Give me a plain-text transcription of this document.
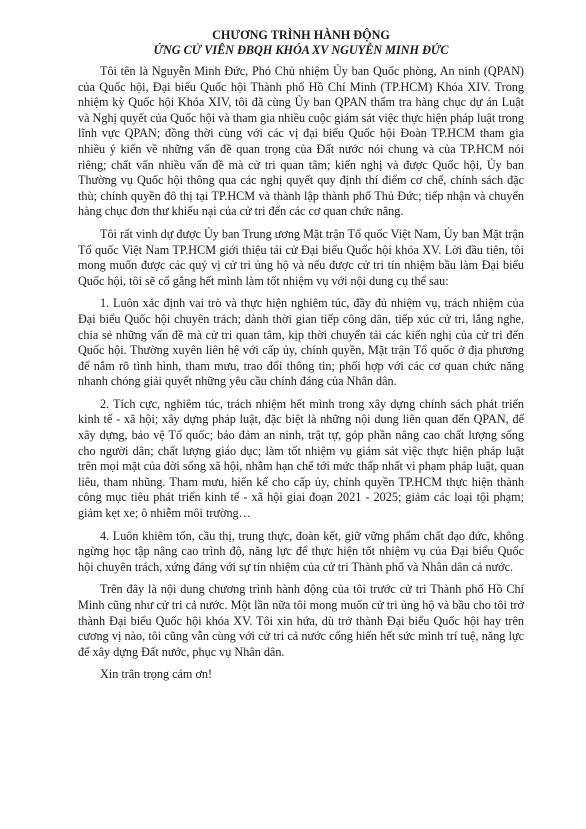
CHƯƠNG TRÌNH HÀNH ĐỘNG

ỨNG CỬ VIÊN ĐBQH KHÓA XV NGUYỄN MINH ĐỨC

Tôi tên là Nguyễn Minh Đức, Phó Chủ nhiệm Ủy ban Quốc phòng, An ninh (QPAN) của Quốc hội, Đại biểu Quốc hội Thành phố Hồ Chí Minh (TP.HCM) Khóa XIV. Trong nhiệm kỳ Quốc hội Khóa XIV, tôi đã cùng Ủy ban QPAN thẩm tra hàng chục dự án Luật và Nghị quyết của Quốc hội và tham gia nhiều cuộc giám sát việc thực hiện pháp luật trong lĩnh vực QPAN; đồng thời cùng với các vị đại biểu Quốc hội Đoàn TP.HCM tham gia nhiều ý kiến về những vấn đề quan trọng của Đất nước nói chung và của TP.HCM nói riêng; chất vấn nhiều vấn đề mà cử tri quan tâm; kiến nghị và được Quốc hội, Ủy ban Thường vụ Quốc hội thông qua các nghị quyết quy định thí điểm cơ chế, chính sách đặc thù; chính quyền đô thị tại TP.HCM và thành lập thành phố Thủ Đức; tiếp nhận và chuyển hàng chục đơn thư khiếu nại của cử tri đến các cơ quan chức năng.

Tôi rất vinh dự được Ủy ban Trung ương Mặt trận Tổ quốc Việt Nam, Ủy ban Mặt trận Tổ quốc Việt Nam TP.HCM giới thiệu tái cử Đại biểu Quốc hội khóa XV. Lời đầu tiên, tôi mong muốn được các quý vị cử tri ủng hộ và nếu được cử tri tín nhiệm bầu làm Đại biểu Quốc hội, tôi sẽ cố gắng hết mình làm tốt nhiệm vụ với nội dung cụ thể sau:

1. Luôn xác định vai trò và thực hiện nghiêm túc, đầy đủ nhiệm vụ, trách nhiệm của Đại biểu Quốc hội chuyên trách; dành thời gian tiếp công dân, tiếp xúc cử tri, lắng nghe, chia sẻ những vấn đề mà cử tri quan tâm, kịp thời chuyển tải các kiến nghị của cử tri đến Quốc hội. Thường xuyên liên hệ với cấp ủy, chính quyền, Mặt trận Tổ quốc ở địa phương để nắm rõ tình hình, tham mưu, trao đổi thông tin; phối hợp với các cơ quan chức năng nhanh chóng giải quyết những yêu cầu chính đáng của Nhân dân.

2. Tích cực, nghiêm túc, trách nhiệm hết mình trong xây dựng chính sách phát triển kinh tế - xã hội; xây dựng pháp luật, đặc biệt là những nội dung liên quan đến QPAN, để xây dựng, bảo vệ Tổ quốc; bảo đảm an ninh, trật tự, góp phần nâng cao chất lượng sống cho người dân; chất lượng giáo dục; làm tốt nhiệm vụ giám sát việc thực hiện pháp luật trên mọi mặt của đời sống xã hội, nhằm hạn chế tới mức thấp nhất vi phạm pháp luật, quan liêu, tham nhũng. Tham mưu, hiến kế cho cấp ủy, chính quyền TP.HCM thực hiện thành công mục tiêu phát triển kinh tế - xã hội giai đoạn 2021 - 2025; giảm các loại tội phạm; giảm kẹt xe; ô nhiễm môi trường…

4. Luôn khiêm tốn, cầu thị, trung thực, đoàn kết, giữ vững phẩm chất đạo đức, không ngừng học tập nâng cao trình độ, năng lực để thực hiện tốt nhiệm vụ của Đại biểu Quốc hội chuyên trách, xứng đáng với sự tín nhiệm của cử tri Thành phố và Nhân dân cả nước.

Trên đây là nội dung chương trình hành động của tôi trước cử tri Thành phố Hồ Chí Minh cũng như cử tri cả nước. Một lần nữa tôi mong muốn cử tri ủng hộ và bầu cho tôi trở thành Đại biểu Quốc hội khóa XV. Tôi xin hứa, dù trở thành Đại biểu Quốc hội hay trên cương vị nào, tôi cũng vẫn cùng với cử tri cả nước cống hiến hết sức mình trí tuệ, năng lực để xây dựng Đất nước, phục vụ Nhân dân.

Xin trân trọng cám ơn!
